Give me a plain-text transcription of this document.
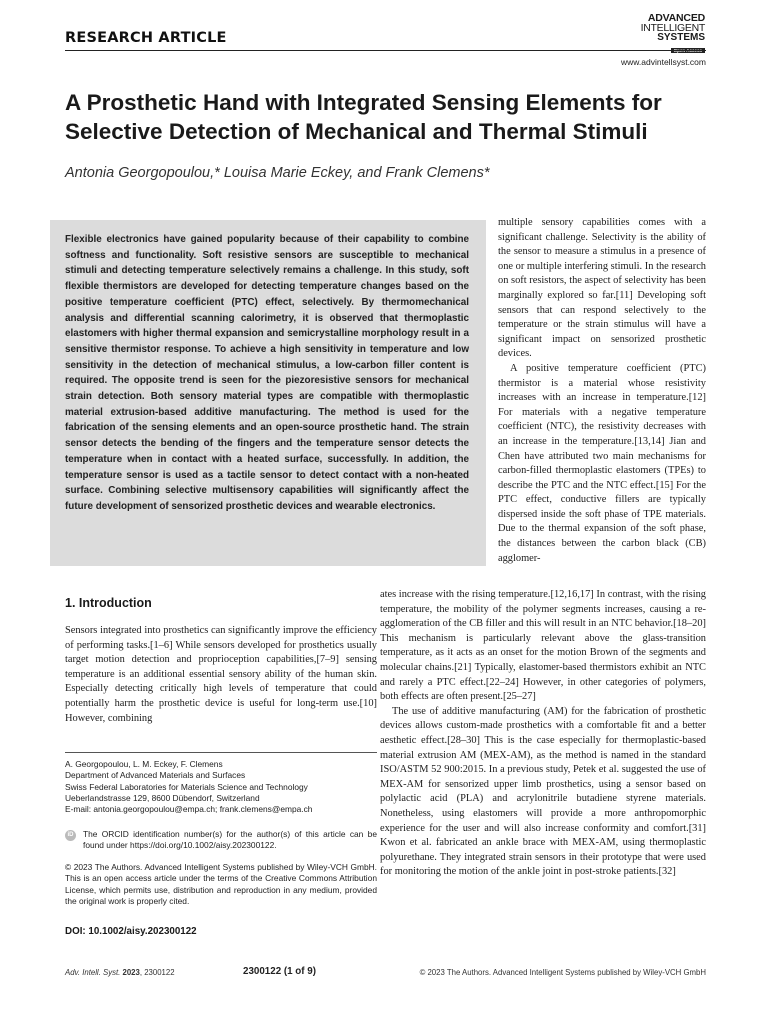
RESEARCH ARTICLE
ADVANCED
INTELLIGENT
SYSTEMS
Open Access
www.advintellsyst.com
A Prosthetic Hand with Integrated Sensing Elements for Selective Detection of Mechanical and Thermal Stimuli
Antonia Georgopoulou,* Louisa Marie Eckey, and Frank Clemens*
Flexible electronics have gained popularity because of their capability to combine softness and functionality. Soft resistive sensors are susceptible to mechanical stimuli and detecting temperature selectively remains a challenge. In this study, soft flexible thermistors are developed for detecting temperature changes based on the positive temperature coefficient (PTC) effect, selectively. By thermomechanical analysis and differential scanning calorimetry, it is observed that thermoplastic elastomers with higher thermal expansion and semicrystalline morphology result in a sensitive thermistor response. To achieve a high sensitivity in temperature and low sensitivity in the detection of mechanical stimulus, a low-carbon filler content is required. The opposite trend is seen for the piezoresistive sensors for mechanical strain detection. Both sensory material types are compatible with thermoplastic material extrusion-based additive manufacturing. The method is used for the fabrication of the sensing elements and an open-source prosthetic hand. The strain sensor detects the bending of the fingers and the temperature sensor detects the temperature when in contact with a heated surface, successfully. In addition, the temperature sensor is used as a tactile sensor to detect contact with a non-heated surface. Combining selective multisensory capabilities will significantly affect the future development of sensorized prosthetic devices and wearable electronics.

multiple sensory capabilities comes with a significant challenge. Selectivity is the ability of the sensor to measure a stimulus in a presence of one or multiple interfering stimuli. In the research on soft resistors, the aspect of selectivity has been marginally explored so far.[11] Developing soft sensors that can respond selectively to the temperature or the strain stimulus will have a significant impact on sensorized prosthetic devices.

A positive temperature coefficient (PTC) thermistor is a material whose resistivity increases with an increase in temperature.[12] For materials with a negative temperature coefficient (NTC), the resistivity decreases with an increase in the temperature.[13,14] Jian and Chen have attributed two main mechanisms for carbon-filled thermoplastic elastomers (TPEs) to describe the PTC and the NTC effect.[15] For the PTC effect, conductive fillers are typically dispersed inside the soft phase of TPE materials. Due to the thermal expansion of the soft phase, the distances between the carbon black (CB) agglomer-

ates increase with the rising temperature.[12,16,17] In contrast, with the rising temperature, the mobility of the polymer segments increases, causing a re-agglomeration of the CB filler and this will result in an NTC behavior.[18–20] This mechanism is particularly relevant above the glass-transition temperature, as it acts as an onset for the motion Brown of the segments and molecular chains.[21] Typically, elastomer-based thermistors exhibit an NTC and rarely a PTC effect.[22–24] However, in other categories of polymers, both effects are often present.[25–27]

The use of additive manufacturing (AM) for the fabrication of prosthetic devices allows custom-made prosthetics with a comfortable fit and a better aesthetic effect.[28–30] This is the case especially for thermoplastic-based material extrusion AM (MEX-AM), as the method is named in the standard ISO/ASTM 52 900:2015. In a previous study, Petek et al. suggested the use of MEX-AM for sensorized upper limb prosthetics, using a sensor based on polylactic acid (PLA) and acrylonitrile butadiene styrene materials. Nonetheless, using elastomers will provide a more anthropomorphic experience for the user and will also increase conformity and comfort.[31] Kwon et al. fabricated an ankle brace with MEX-AM, using thermoplastic polyurethane. They integrated strain sensors in their prototype that were used for monitoring the motion of the ankle joint in post-stroke patients.[32]

1. Introduction
Sensors integrated into prosthetics can significantly improve the efficiency of performing tasks.[1–6] While sensors developed for prosthetics usually target motion detection and proprioception capabilities,[7–9] sensing temperature is an additional essential sensory ability of the human skin. Especially detecting critically high levels of temperature that could potentially harm the prosthetic device is useful for long-term use.[10] However, combining
A. Georgopoulou, L. M. Eckey, F. Clemens
Department of Advanced Materials and Surfaces
Swiss Federal Laboratories for Materials Science and Technology
Ueberlandstrasse 129, 8600 Dübendorf, Switzerland
E-mail: antonia.georgopoulou@empa.ch; frank.clemens@empa.ch
iD The ORCID identification number(s) for the author(s) of this article can be found under https://doi.org/10.1002/aisy.202300122.
© 2023 The Authors. Advanced Intelligent Systems published by Wiley-VCH GmbH. This is an open access article under the terms of the Creative Commons Attribution License, which permits use, distribution and reproduction in any medium, provided the original work is properly cited.
DOI: 10.1002/aisy.202300122
Adv. Intell. Syst. 2023, 2300122	2300122 (1 of 9)	© 2023 The Authors. Advanced Intelligent Systems published by Wiley-VCH GmbH
